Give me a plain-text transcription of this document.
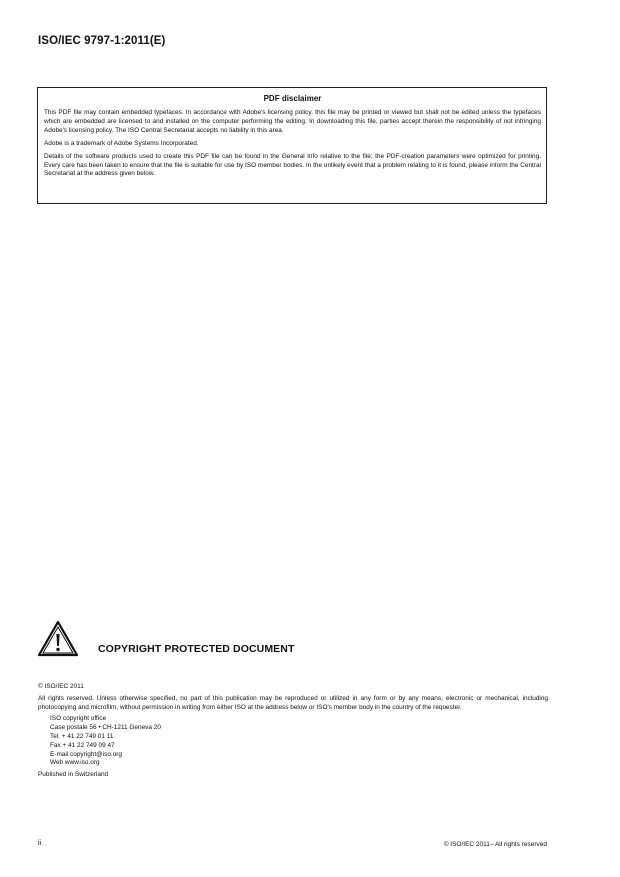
ISO/IEC 9797-1:2011(E)
PDF disclaimer

This PDF file may contain embedded typefaces. In accordance with Adobe's licensing policy, this file may be printed or viewed but shall not be edited unless the typefaces which are embedded are licensed to and installed on the computer performing the editing. In downloading this file, parties accept therein the responsibility of not infringing Adobe's licensing policy. The ISO Central Secretariat accepts no liability in this area.

Adobe is a trademark of Adobe Systems Incorporated.

Details of the software products used to create this PDF file can be found in the General Info relative to the file; the PDF-creation parameters were optimized for printing. Every care has been taken to ensure that the file is suitable for use by ISO member bodies. In the unlikely event that a problem relating to it is found, please inform the Central Secretariat at the address given below.

COPYRIGHT PROTECTED DOCUMENT

© ISO/IEC 2011

All rights reserved. Unless otherwise specified, no part of this publication may be reproduced or utilized in any form or by any means, electronic or mechanical, including photocopying and microfilm, without permission in writing from either ISO at the address below or ISO's member body in the country of the requester.

ISO copyright office
Case postale 56 • CH-1211 Geneva 20
Tel. + 41 22 749 01 11
Fax + 41 22 749 09 47
E-mail copyright@iso.org
Web www.iso.org

Published in Switzerland

ii	© ISO/IEC 2011– All rights reserved
